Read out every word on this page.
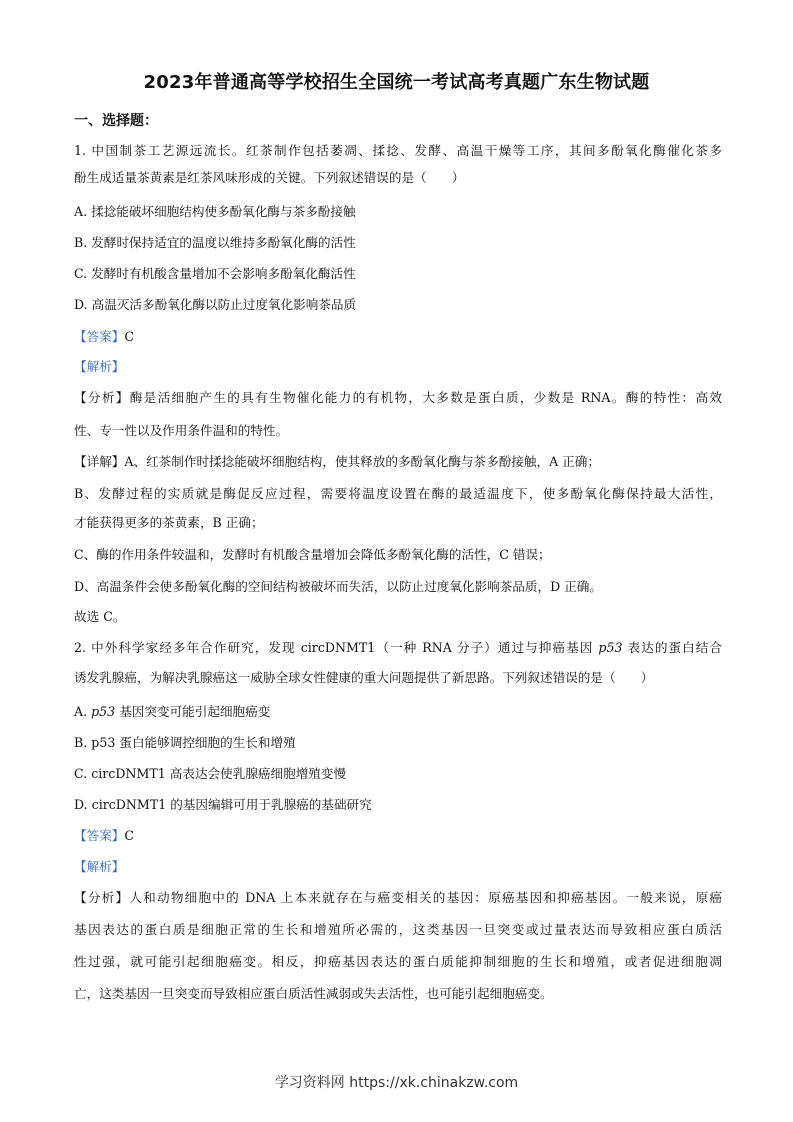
2023年普通高等学校招生全国统一考试高考真题广东生物试题
一、选择题：
1. 中国制茶工艺源远流长。红茶制作包括萎凋、揉捻、发酵、高温干燥等工序，其间多酚氧化酶催化茶多
酚生成适量茶黄素是红茶风味形成的关键。下列叙述错误的是（　　）
A. 揉捻能破坏细胞结构使多酚氧化酶与茶多酚接触
B. 发酵时保持适宜的温度以维持多酚氧化酶的活性
C. 发酵时有机酸含量增加不会影响多酚氧化酶活性
D. 高温灭活多酚氧化酶以防止过度氧化影响茶品质
【答案】C
【解析】
【分析】酶是活细胞产生的具有生物催化能力的有机物，大多数是蛋白质，少数是 RNA。酶的特性：高效
性、专一性以及作用条件温和的特性。
【详解】A、红茶制作时揉捻能破坏细胞结构，使其释放的多酚氧化酶与茶多酚接触，A 正确；
B、发酵过程的实质就是酶促反应过程，需要将温度设置在酶的最适温度下，使多酚氧化酶保持最大活性，
才能获得更多的茶黄素，B 正确；
C、酶的作用条件较温和，发酵时有机酸含量增加会降低多酚氧化酶的活性，C 错误；
D、高温条件会使多酚氧化酶的空间结构被破坏而失活，以防止过度氧化影响茶品质，D 正确。
故选 C。
2. 中外科学家经多年合作研究，发现 circDNMT1（一种 RNA 分子）通过与抑癌基因 p53 表达的蛋白结合
诱发乳腺癌，为解决乳腺癌这一威胁全球女性健康的重大问题提供了新思路。下列叙述错误的是（　　）
A. p53 基因突变可能引起细胞癌变
B. p53 蛋白能够调控细胞的生长和增殖
C. circDNMT1 高表达会使乳腺癌细胞增殖变慢
D. circDNMT1 的基因编辑可用于乳腺癌的基础研究
【答案】C
【解析】
【分析】人和动物细胞中的 DNA 上本来就存在与癌变相关的基因：原癌基因和抑癌基因。一般来说，原癌
基因表达的蛋白质是细胞正常的生长和增殖所必需的，这类基因一旦突变或过量表达而导致相应蛋白质活
性过强，就可能引起细胞癌变。相反，抑癌基因表达的蛋白质能抑制细胞的生长和增殖，或者促进细胞凋
亡，这类基因一旦突变而导致相应蛋白质活性减弱或失去活性，也可能引起细胞癌变。
学习资料网 https://xk.chinakzw.com
